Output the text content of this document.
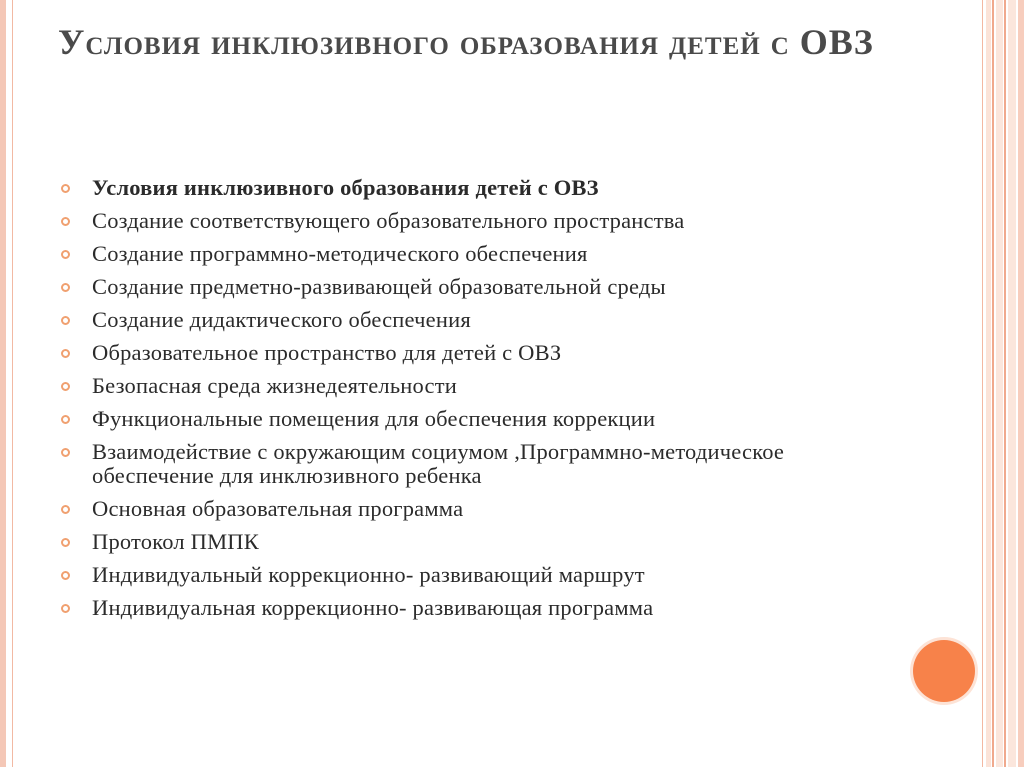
Условия инклюзивного образования детей с ОВЗ
Условия инклюзивного образования детей с ОВЗ
Создание соответствующего образовательного пространства
Создание программно-методического обеспечения
Создание предметно-развивающей образовательной среды
Создание дидактического обеспечения
Образовательное пространство для детей с ОВЗ
Безопасная среда жизнедеятельности
Функциональные помещения для обеспечения коррекции
Взаимодействие с окружающим социумом ,Программно-методическое обеспечение для инклюзивного ребенка
Основная образовательная программа
Протокол ПМПК
Индивидуальный коррекционно- развивающий маршрут
Индивидуальная коррекционно- развивающая программа
